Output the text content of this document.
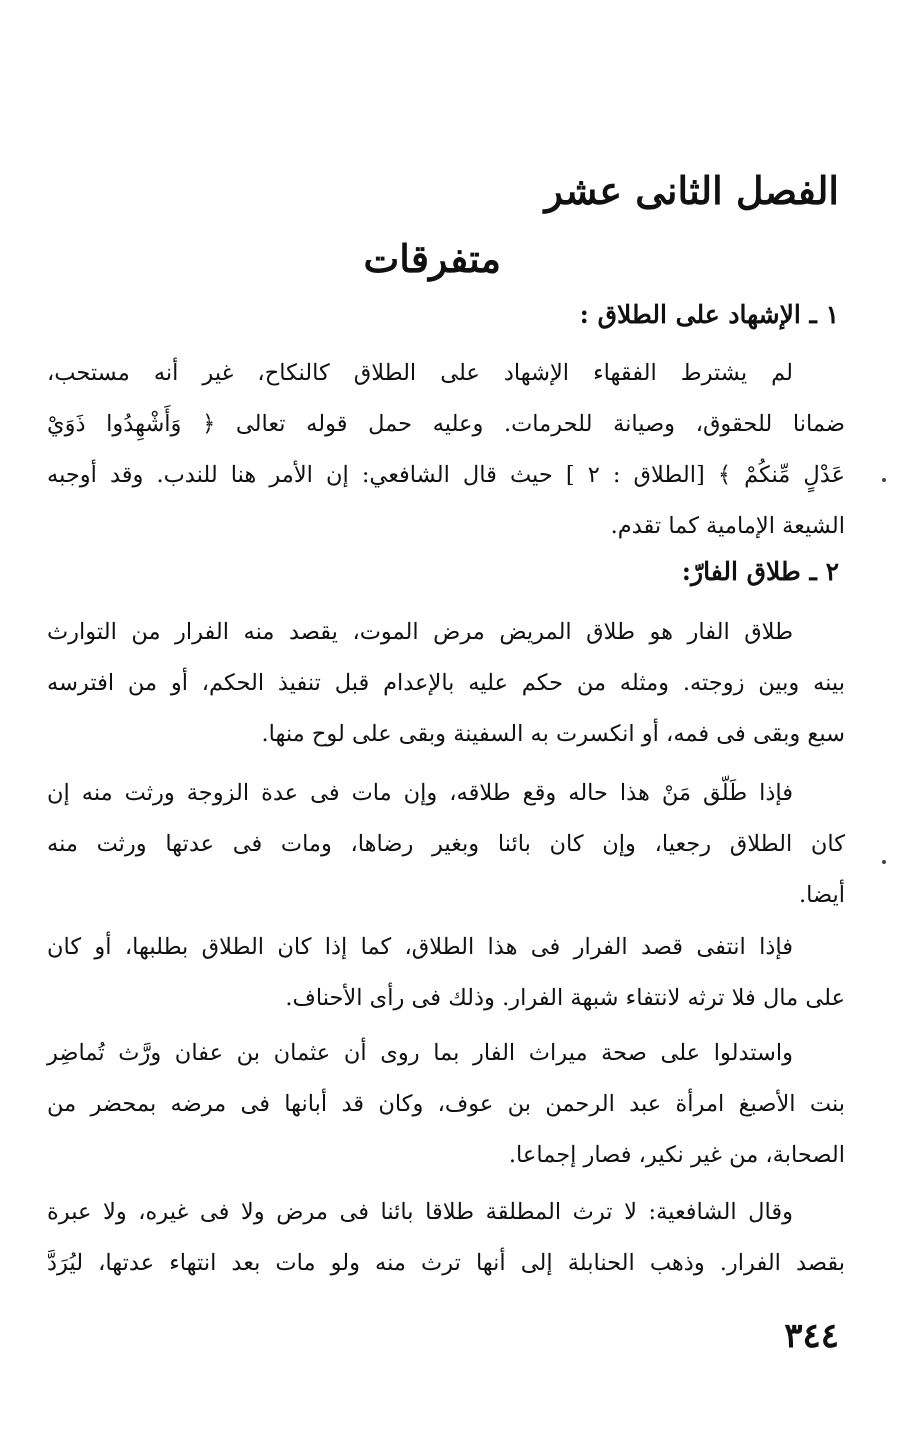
الفصل الثانى عشر
متفرقات
١ ـ الإشهاد على الطلاق :
لم يشترط الفقهاء الإشهاد على الطلاق كالنكاح، غير أنه مستحب،
ضمانا للحقوق، وصيانة للحرمات. وعليه حمل قوله تعالى ﴿ وَأَشْهِدُوا ذَوَيْ
عَدْلٍ مِّنكُمْ ﴾ [الطلاق : ٢ ] حيث قال الشافعي: إن الأمر هنا للندب. وقد أوجبه
الشيعة الإمامية كما تقدم.
٢ ـ طلاق الفارّ:
طلاق الفار هو طلاق المريض مرض الموت، يقصد منه الفرار من التوارث
بينه وبين زوجته. ومثله من حكم عليه بالإعدام قبل تنفيذ الحكم، أو من افترسه
سبع وبقى فى فمه، أو انكسرت به السفينة وبقى على لوح منها.
فإذا طَلّق مَنْ هذا حاله وقع طلاقه، وإن مات فى عدة الزوجة ورثت منه إن
كان الطلاق رجعيا، وإن كان بائنا وبغير رضاها، ومات فى عدتها ورثت منه
أيضا.
فإذا انتفى قصد الفرار فى هذا الطلاق، كما إذا كان الطلاق بطلبها، أو كان
على مال فلا ترثه لانتفاء شبهة الفرار. وذلك فى رأى الأحناف.
واستدلوا على صحة ميراث الفار بما روى أن عثمان بن عفان ورَّث تُماضِر
بنت الأصبغ امرأة عبد الرحمن بن عوف، وكان قد أبانها فى مرضه بمحضر من
الصحابة، من غير نكير، فصار إجماعا.
وقال الشافعية: لا ترث المطلقة طلاقا بائنا فى مرض ولا فى غيره، ولا عبرة
بقصد الفرار. وذهب الحنابلة إلى أنها ترث منه ولو مات بعد انتهاء عدتها، ليُرَدَّ
٣٤٤
